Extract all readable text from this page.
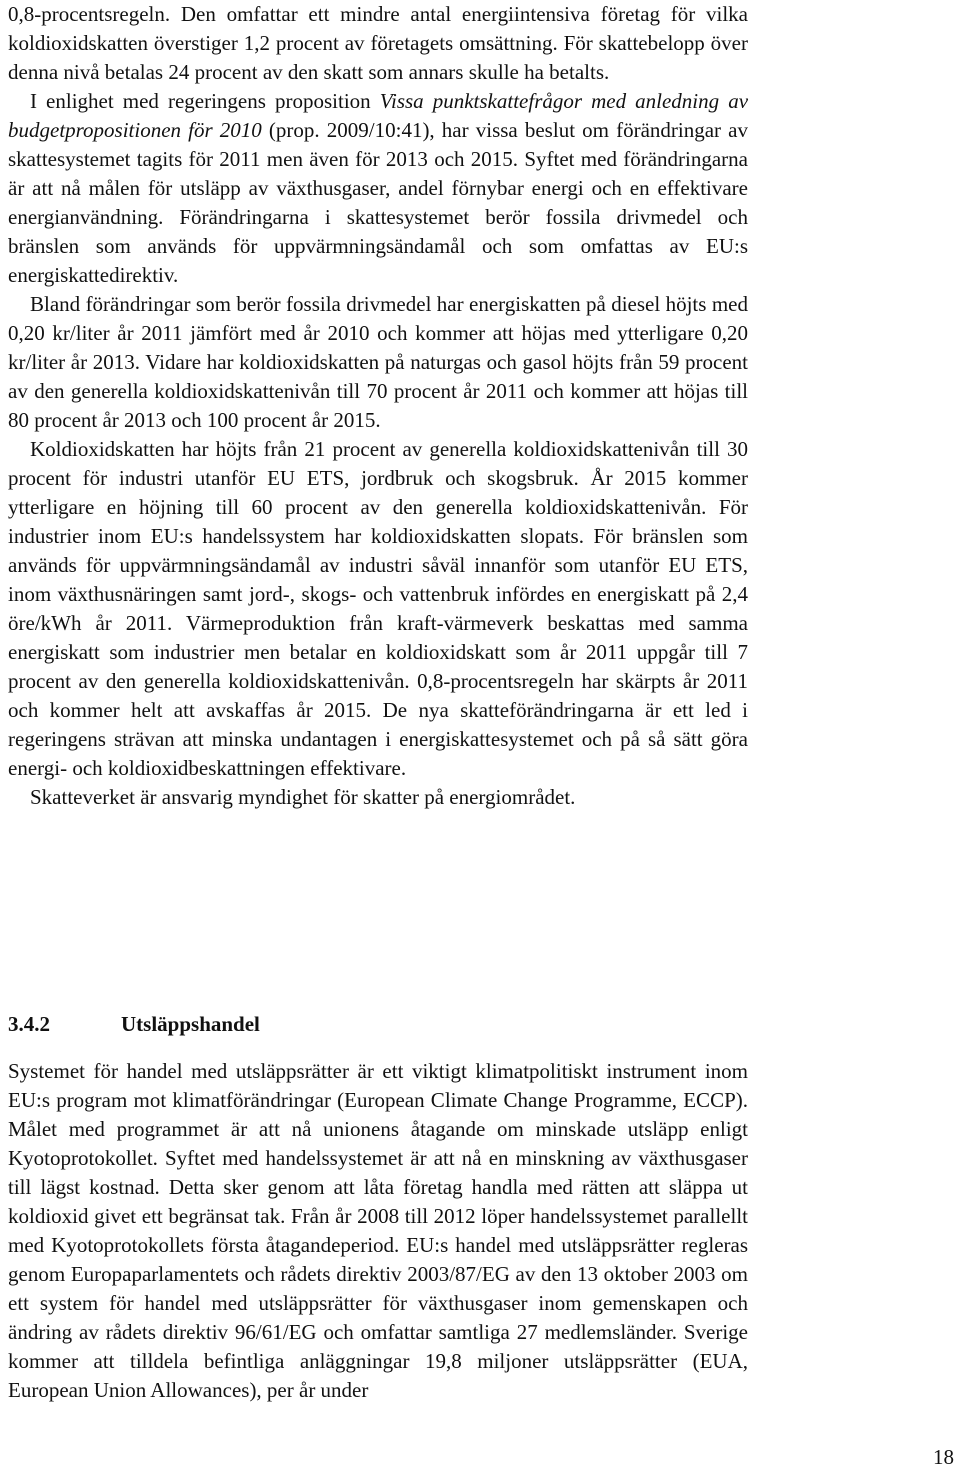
0,8-procentsregeln. Den omfattar ett mindre antal energiintensiva företag för vilka koldioxidskatten överstiger 1,2 procent av företagets omsättning. För skattebelopp över denna nivå betalas 24 procent av den skatt som annars skulle ha betalts.

I enlighet med regeringens proposition Vissa punktskattefrågor med anledning av budgetpropositionen för 2010 (prop. 2009/10:41), har vissa beslut om förändringar av skattesystemet tagits för 2011 men även för 2013 och 2015. Syftet med förändringarna är att nå målen för utsläpp av växthusgaser, andel förnybar energi och en effektivare energianvändning. Förändringarna i skattesystemet berör fossila drivmedel och bränslen som används för uppvärmningsändamål och som omfattas av EU:s energiskattedirektiv.

Bland förändringar som berör fossila drivmedel har energiskatten på diesel höjts med 0,20 kr/liter år 2011 jämfört med år 2010 och kommer att höjas med ytterligare 0,20 kr/liter år 2013. Vidare har koldioxidskatten på naturgas och gasol höjts från 59 procent av den generella koldioxidskattenivån till 70 procent år 2011 och kommer att höjas till 80 procent år 2013 och 100 procent år 2015.

Koldioxidskatten har höjts från 21 procent av generella koldioxidskattenivån till 30 procent för industri utanför EU ETS, jordbruk och skogsbruk. År 2015 kommer ytterligare en höjning till 60 procent av den generella koldioxidskattenivån. För industrier inom EU:s handelssystem har koldioxidskatten slopats. För bränslen som används för uppvärmningsändamål av industri såväl innanför som utanför EU ETS, inom växthusnäringen samt jord-, skogs- och vattenbruk infördes en energiskatt på 2,4 öre/kWh år 2011. Värmeproduktion från kraft-värmeverk beskattas med samma energiskatt som industrier men betalar en koldioxidskatt som år 2011 uppgår till 7 procent av den generella koldioxidskattenivån. 0,8-procentsregeln har skärpts år 2011 och kommer helt att avskaffas år 2015. De nya skatteförändringarna är ett led i regeringens strävan att minska undantagen i energiskattesystemet och på så sätt göra energi- och koldioxidbeskattningen effektivare.

Skatteverket är ansvarig myndighet för skatter på energiområdet.

3.4.2	Utsläppshandel

Systemet för handel med utsläppsrätter är ett viktigt klimatpolitiskt instrument inom EU:s program mot klimatförändringar (European Climate Change Programme, ECCP). Målet med programmet är att nå unionens åtagande om minskade utsläpp enligt Kyotoprotokollet. Syftet med handelssystemet är att nå en minskning av växthusgaser till lägst kostnad. Detta sker genom att låta företag handla med rätten att släppa ut koldioxid givet ett begränsat tak. Från år 2008 till 2012 löper handelssystemet parallellt med Kyotoprotokollets första åtagandeperiod. EU:s handel med utsläppsrätter regleras genom Europaparlamentets och rådets direktiv 2003/87/EG av den 13 oktober 2003 om ett system för handel med utsläppsrätter för växthusgaser inom gemenskapen och ändring av rådets direktiv 96/61/EG och omfattar samtliga 27 medlemsländer. Sverige kommer att tilldela befintliga anläggningar 19,8 miljoner utsläppsrätter (EUA, European Union Allowances), per år under

18
